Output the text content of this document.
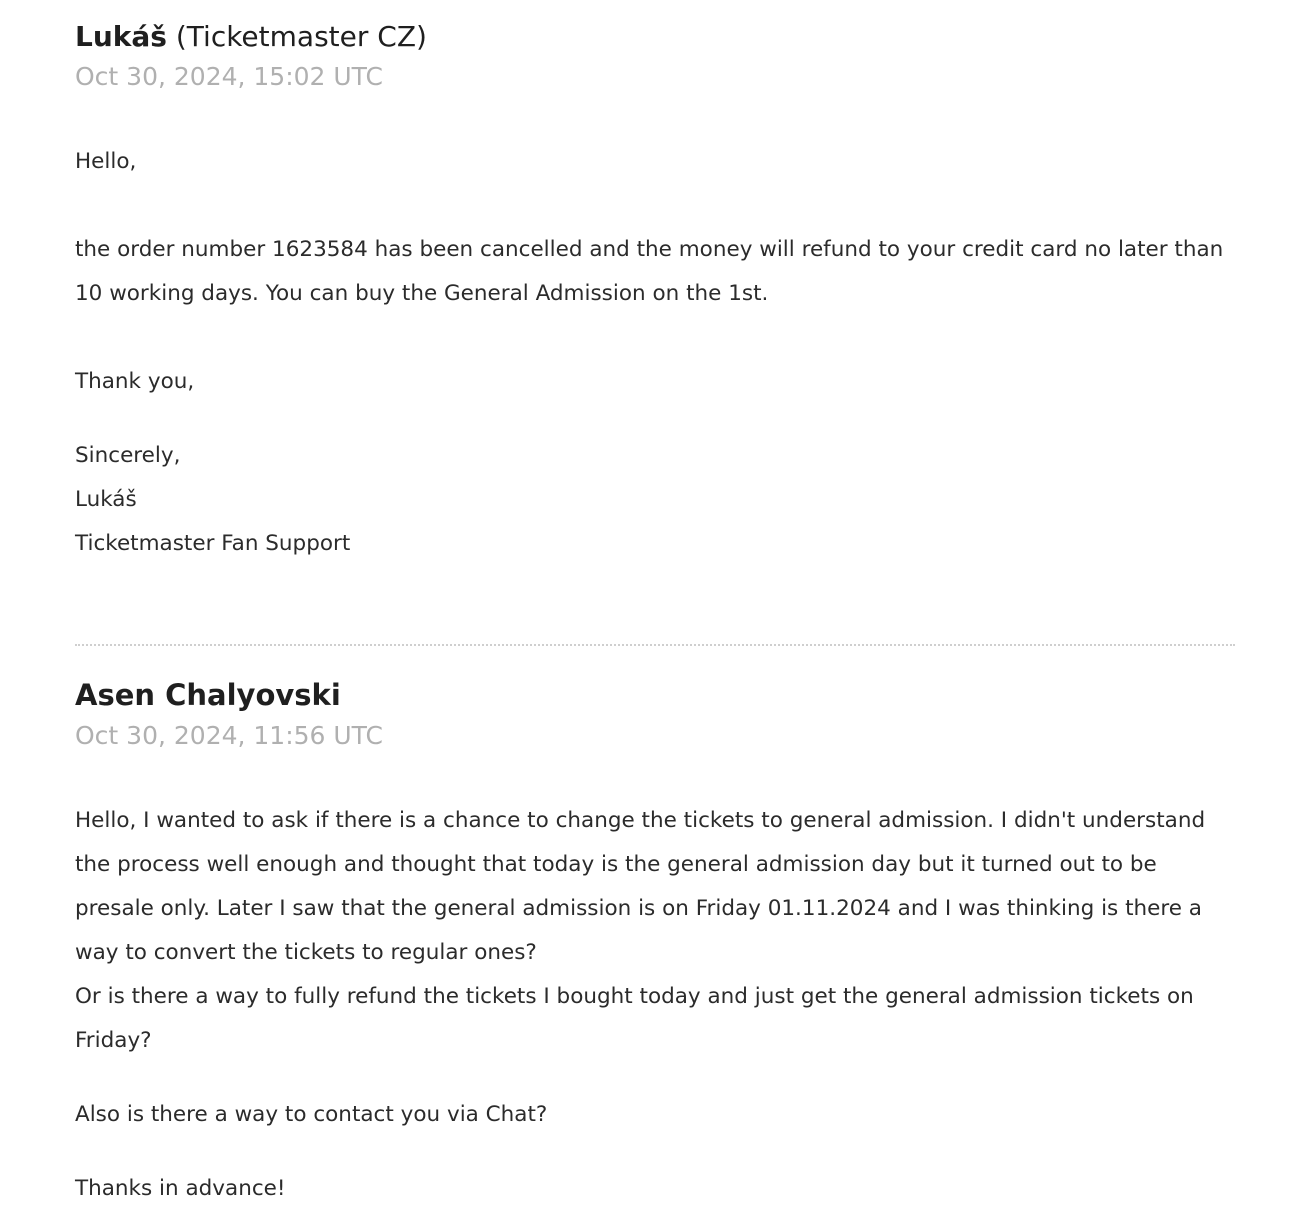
Lukáš (Ticketmaster CZ)
Oct 30, 2024, 15:02 UTC

Hello,

the order number 1623584 has been cancelled and the money will refund to your credit card no later than 10 working days. You can buy the General Admission on the 1st.

Thank you,

Sincerely,

Lukáš

Ticketmaster Fan Support

Asen Chalyovski
Oct 30, 2024, 11:56 UTC

Hello, I wanted to ask if there is a chance to change the tickets to general admission. I didn't understand the process well enough and thought that today is the general admission day but it turned out to be presale only. Later I saw that the general admission is on Friday 01.11.2024 and I was thinking is there a way to convert the tickets to regular ones?

Or is there a way to fully refund the tickets I bought today and just get the general admission tickets on Friday?

Also is there a way to contact you via Chat?

Thanks in advance!
